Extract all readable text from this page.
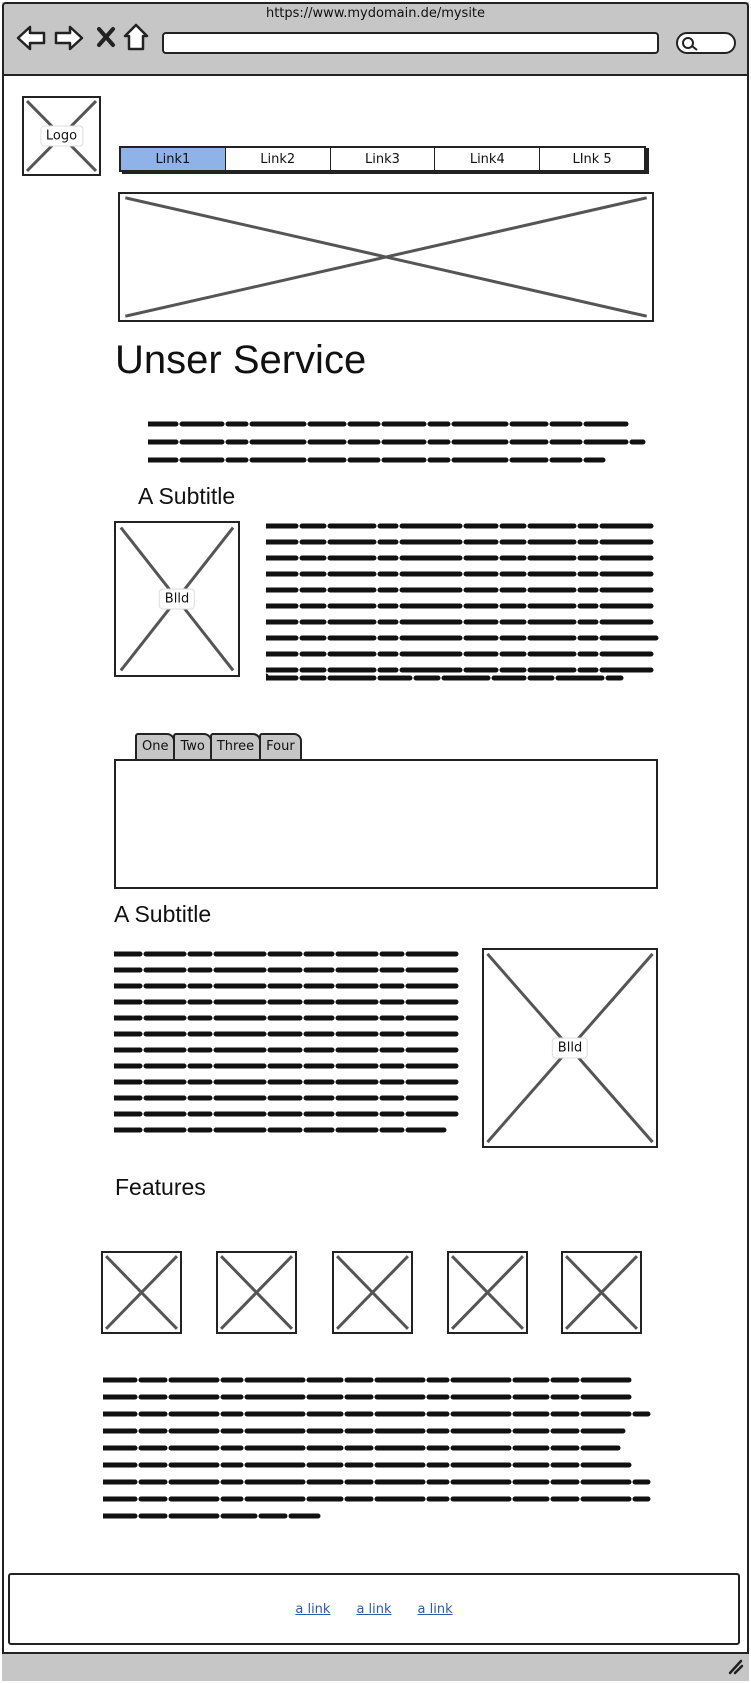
https://www.mydomain.de/mysite
Logo
Link1	Link2	Link3	Link4	LInk 5
Unser Service
A Subtitle
Blld
One Two Three Four
A Subtitle
Blld
Features
a link a link a link
